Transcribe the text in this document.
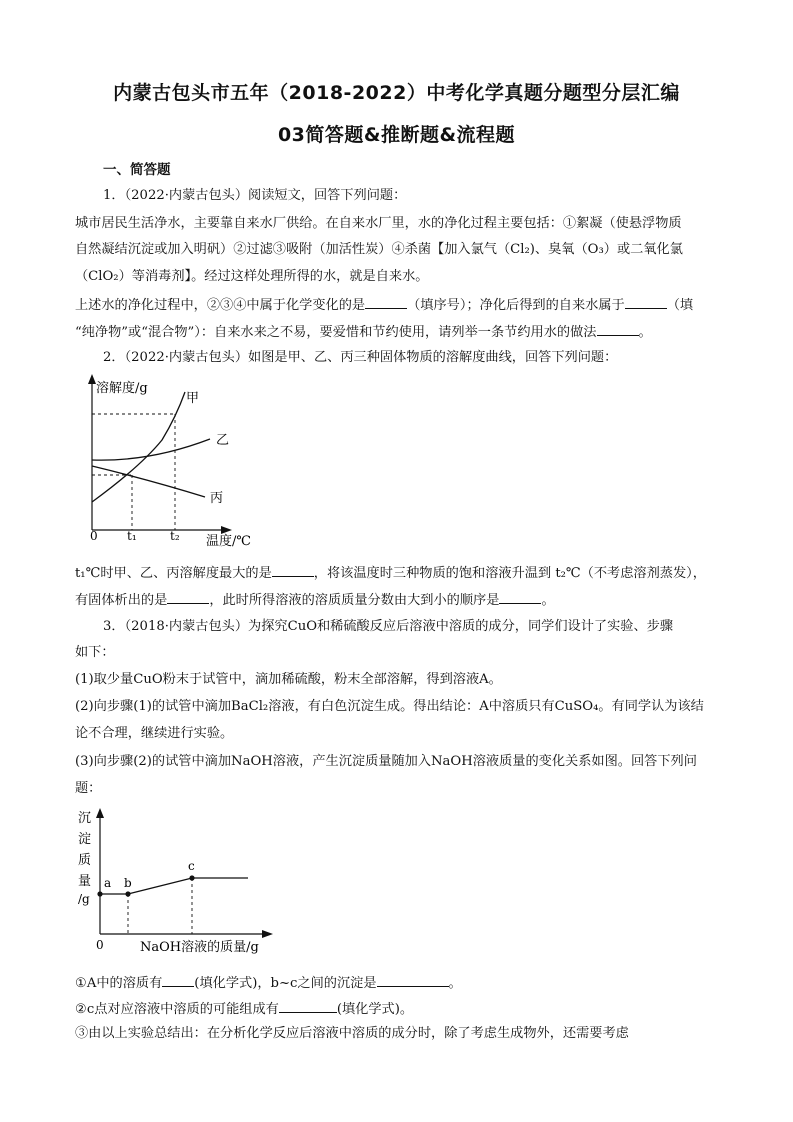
内蒙古包头市五年（2018-2022）中考化学真题分题型分层汇编
03简答题&推断题&流程题
一、简答题
1．（2022·内蒙古包头）阅读短文，回答下列问题：
城市居民生活净水，主要靠自来水厂供给。在自来水厂里，水的净化过程主要包括：①絮凝（使悬浮物质
自然凝结沉淀或加入明矾）②过滤③吸附（加活性炭）④杀菌【加入氯气（Cl₂)、臭氧（O₃）或二氧化氯
（ClO₂）等消毒剂】。经过这样处理所得的水，就是自来水。
上述水的净化过程中，②③④中属于化学变化的是	（填序号）；净化后得到的自来水属于	（填
“纯净物”或“混合物”）：自来水来之不易，要爱惜和节约使用，请列举一条节约用水的做法	。
2．（2022·内蒙古包头）如图是甲、乙、丙三种固体物质的溶解度曲线，回答下列问题：
溶解度/g
温度/℃
0 t₁	t₂
甲
乙
丙
t₁℃时甲、乙、丙溶解度最大的是	，将该温度时三种物质的饱和溶液升温到 t₂℃（不考虑溶剂蒸发），
有固体析出的是	，此时所得溶液的溶质质量分数由大到小的顺序是	。
3．（2018·内蒙古包头）为探究CuO和稀硫酸反应后溶液中溶质的成分，同学们设计了实验、步骤
如下：
(1)取少量CuO粉末于试管中，滴加稀硫酸，粉末全部溶解，得到溶液A。
(2)向步骤(1)的试管中滴加BaCl₂溶液，有白色沉淀生成。得出结论：A中溶质只有CuSO₄。有同学认为该结
论不合理，继续进行实验。
(3)向步骤(2)的试管中滴加NaOH溶液，产生沉淀质量随加入NaOH溶液质量的变化关系如图。回答下列问
题：
沉
淀
质
量
/g
0	NaOH溶液的质量/g
a b
c
①A中的溶质有 (填化学式)，b~c之间的沉淀是	。
②c点对应溶液中溶质的可能组成有	(填化学式)。
③由以上实验总结出：在分析化学反应后溶液中溶质的成分时，除了考虑生成物外，还需要考虑
